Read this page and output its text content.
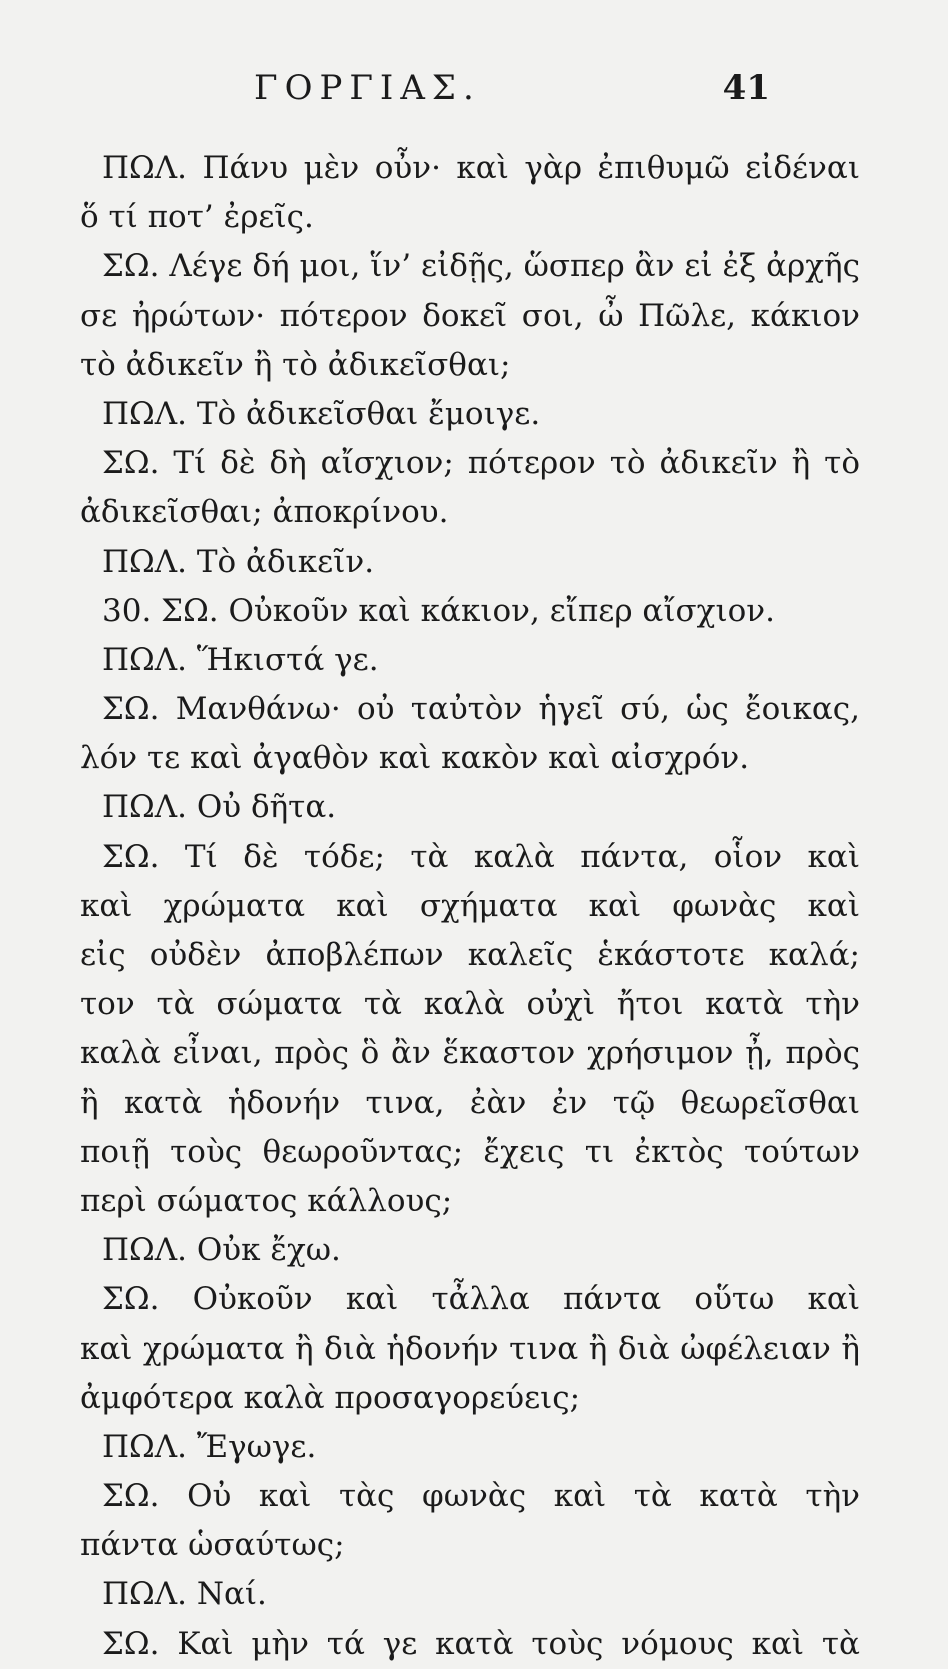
ΓΟΡΓΙΑΣ.	41
ΠΩΛ. Πάνυ μὲν οὖν· καὶ γὰρ ἐπιθυμῶ εἰδέναι
ὅ τί ποτ’ ἐρεῖς.
ΣΩ. Λέγε δή μοι, ἵν’ εἰδῇς, ὥσπερ ἂν εἰ ἐξ ἀρχῆς
σε ἠρώτων· πότερον δοκεῖ σοι, ὦ Πῶλε, κάκιον
τὸ ἀδικεῖν ἢ τὸ ἀδικεῖσθαι;
ΠΩΛ. Τὸ ἀδικεῖσθαι ἔμοιγε.
ΣΩ. Τί δὲ δὴ αἴσχιον; πότερον τὸ ἀδικεῖν ἢ τὸ
ἀδικεῖσθαι; ἀποκρίνου.
ΠΩΛ. Τὸ ἀδικεῖν.
30. ΣΩ. Οὐκοῦν καὶ κάκιον, εἴπερ αἴσχιον.
ΠΩΛ. Ἥκιστά γε.
ΣΩ. Μανθάνω· οὐ ταὐτὸν ἡγεῖ σύ, ὡς ἔοικας,
λόν τε καὶ ἀγαθὸν καὶ κακὸν καὶ αἰσχρόν.
ΠΩΛ. Οὐ δῆτα.
ΣΩ. Τί δὲ τόδε; τὰ καλὰ πάντα, οἷον καὶ
καὶ χρώματα καὶ σχήματα καὶ φωνὰς καὶ
εἰς οὐδὲν ἀποβλέπων καλεῖς ἑκάστοτε καλά;
τον τὰ σώματα τὰ καλὰ οὐχὶ ἤτοι κατὰ τὴν
καλὰ εἶναι, πρὸς ὃ ἂν ἕκαστον χρήσιμον ᾖ, πρὸς
ἢ κατὰ ἡδονήν τινα, ἐὰν ἐν τῷ θεωρεῖσθαι
ποιῇ τοὺς θεωροῦντας; ἔχεις τι ἐκτὸς τούτων
περὶ σώματος κάλλους;
ΠΩΛ. Οὐκ ἔχω.
ΣΩ. Οὐκοῦν καὶ τἆλλα πάντα οὕτω καὶ
καὶ χρώματα ἢ διὰ ἡδονήν τινα ἢ διὰ ὠφέλειαν ἢ
ἀμφότερα καλὰ προσαγορεύεις;
ΠΩΛ. Ἔγωγε.
ΣΩ. Οὐ καὶ τὰς φωνὰς καὶ τὰ κατὰ τὴν
πάντα ὡσαύτως;
ΠΩΛ. Ναί.
ΣΩ. Καὶ μὴν τά γε κατὰ τοὺς νόμους καὶ τὰ
